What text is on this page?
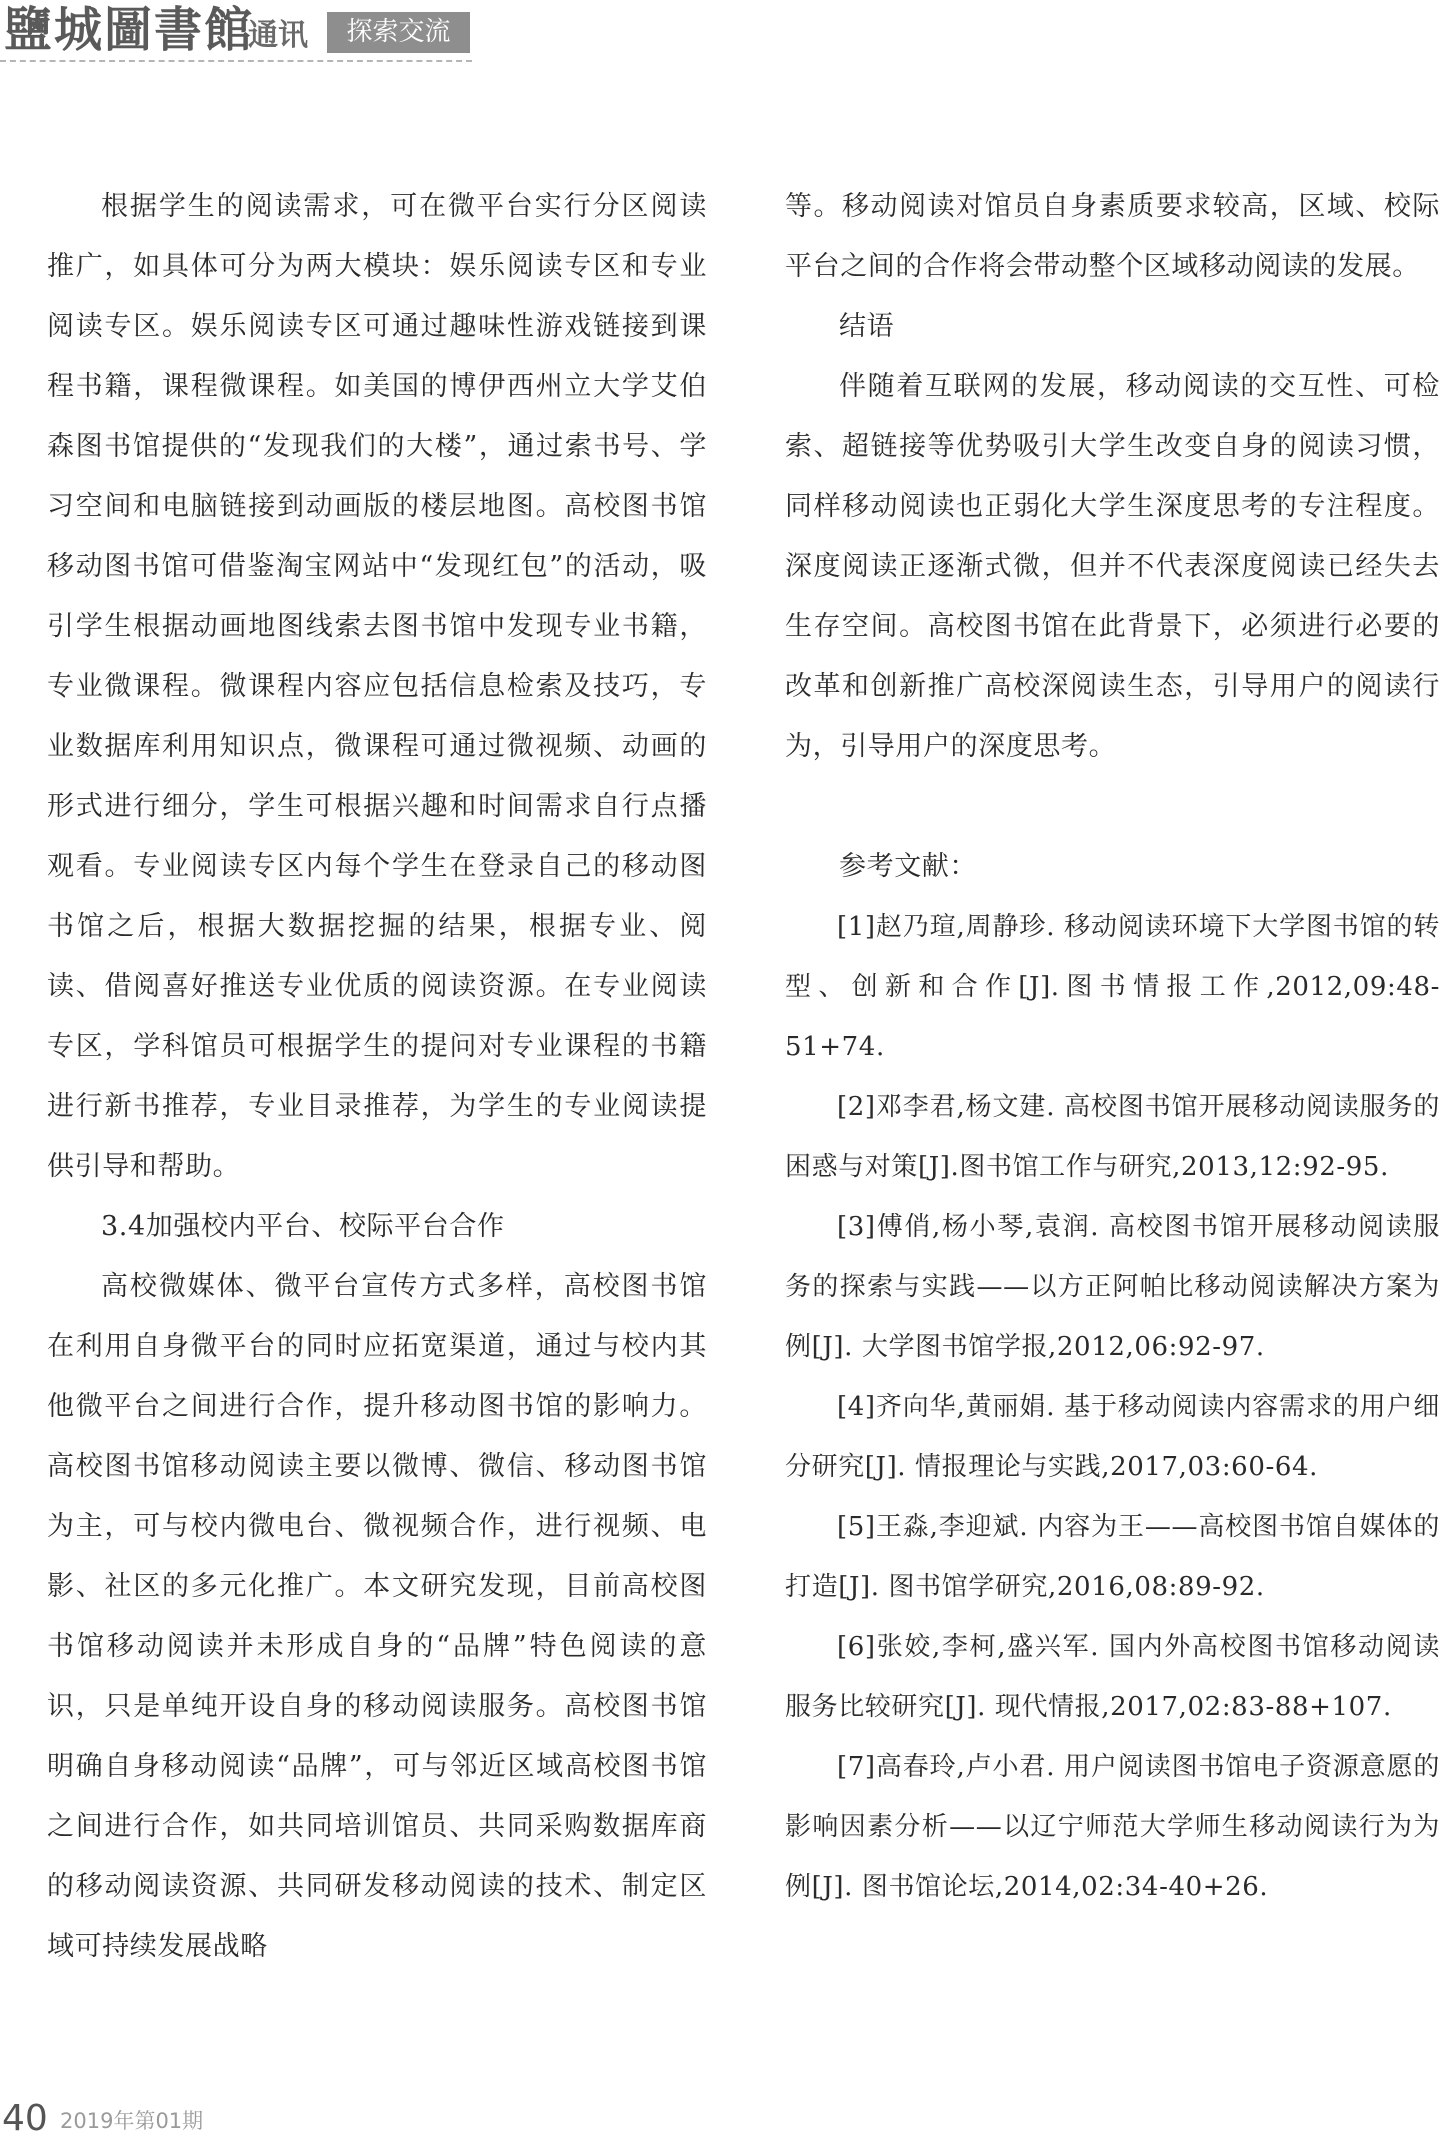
鹽城圖書館
通讯	探索交流

根据学生的阅读需求，可在微平台实行分区阅读推广，如具体可分为两大模块：娱乐阅读专区和专业阅读专区。娱乐阅读专区可通过趣味性游戏链接到课程书籍，课程微课程。如美国的博伊西州立大学艾伯森图书馆提供的“发现我们的大楼”，通过索书号、学习空间和电脑链接到动画版的楼层地图。高校图书馆移动图书馆可借鉴淘宝网站中“发现红包”的活动，吸引学生根据动画地图线索去图书馆中发现专业书籍，专业微课程。微课程内容应包括信息检索及技巧，专业数据库利用知识点，微课程可通过微视频、动画的形式进行细分，学生可根据兴趣和时间需求自行点播观看。专业阅读专区内每个学生在登录自己的移动图书馆之后，根据大数据挖掘的结果，根据专业、阅读、借阅喜好推送专业优质的阅读资源。在专业阅读专区，学科馆员可根据学生的提问对专业课程的书籍进行新书推荐，专业目录推荐，为学生的专业阅读提供引导和帮助。

3.4加强校内平台、校际平台合作

高校微媒体、微平台宣传方式多样，高校图书馆在利用自身微平台的同时应拓宽渠道，通过与校内其他微平台之间进行合作，提升移动图书馆的影响力。高校图书馆移动阅读主要以微博、微信、移动图书馆为主，可与校内微电台、微视频合作，进行视频、电影、社区的多元化推广。本文研究发现，目前高校图书馆移动阅读并未形成自身的“品牌”特色阅读的意识，只是单纯开设自身的移动阅读服务。高校图书馆明确自身移动阅读“品牌”，可与邻近区域高校图书馆之间进行合作，如共同培训馆员、共同采购数据库商的移动阅读资源、共同研发移动阅读的技术、制定区域可持续发展战略

等。移动阅读对馆员自身素质要求较高，区域、校际平台之间的合作将会带动整个区域移动阅读的发展。

结语

伴随着互联网的发展，移动阅读的交互性、可检索、超链接等优势吸引大学生改变自身的阅读习惯，同样移动阅读也正弱化大学生深度思考的专注程度。深度阅读正逐渐式微，但并不代表深度阅读已经失去生存空间。高校图书馆在此背景下，必须进行必要的改革和创新推广高校深阅读生态，引导用户的阅读行为，引导用户的深度思考。

参考文献：

[1]赵乃瑄,周静珍. 移动阅读环境下大学图书馆的转型、创新和合作[J].图书情报工作,2012,09:48-51+74.

[2]邓李君,杨文建. 高校图书馆开展移动阅读服务的困惑与对策[J].图书馆工作与研究,2013,12:92-95.

[3]傅俏,杨小琴,袁润. 高校图书馆开展移动阅读服务的探索与实践——以方正阿帕比移动阅读解决方案为例[J]. 大学图书馆学报,2012,06:92-97.

[4]齐向华,黄丽娟. 基于移动阅读内容需求的用户细分研究[J]. 情报理论与实践,2017,03:60-64.

[5]王淼,李迎斌. 内容为王——高校图书馆自媒体的打造[J]. 图书馆学研究,2016,08:89-92.

[6]张姣,李柯,盛兴军. 国内外高校图书馆移动阅读服务比较研究[J]. 现代情报,2017,02:83-88+107.

[7]高春玲,卢小君. 用户阅读图书馆电子资源意愿的影响因素分析——以辽宁师范大学师生移动阅读行为为例[J]. 图书馆论坛,2014,02:34-40+26.

40 2019年第01期
